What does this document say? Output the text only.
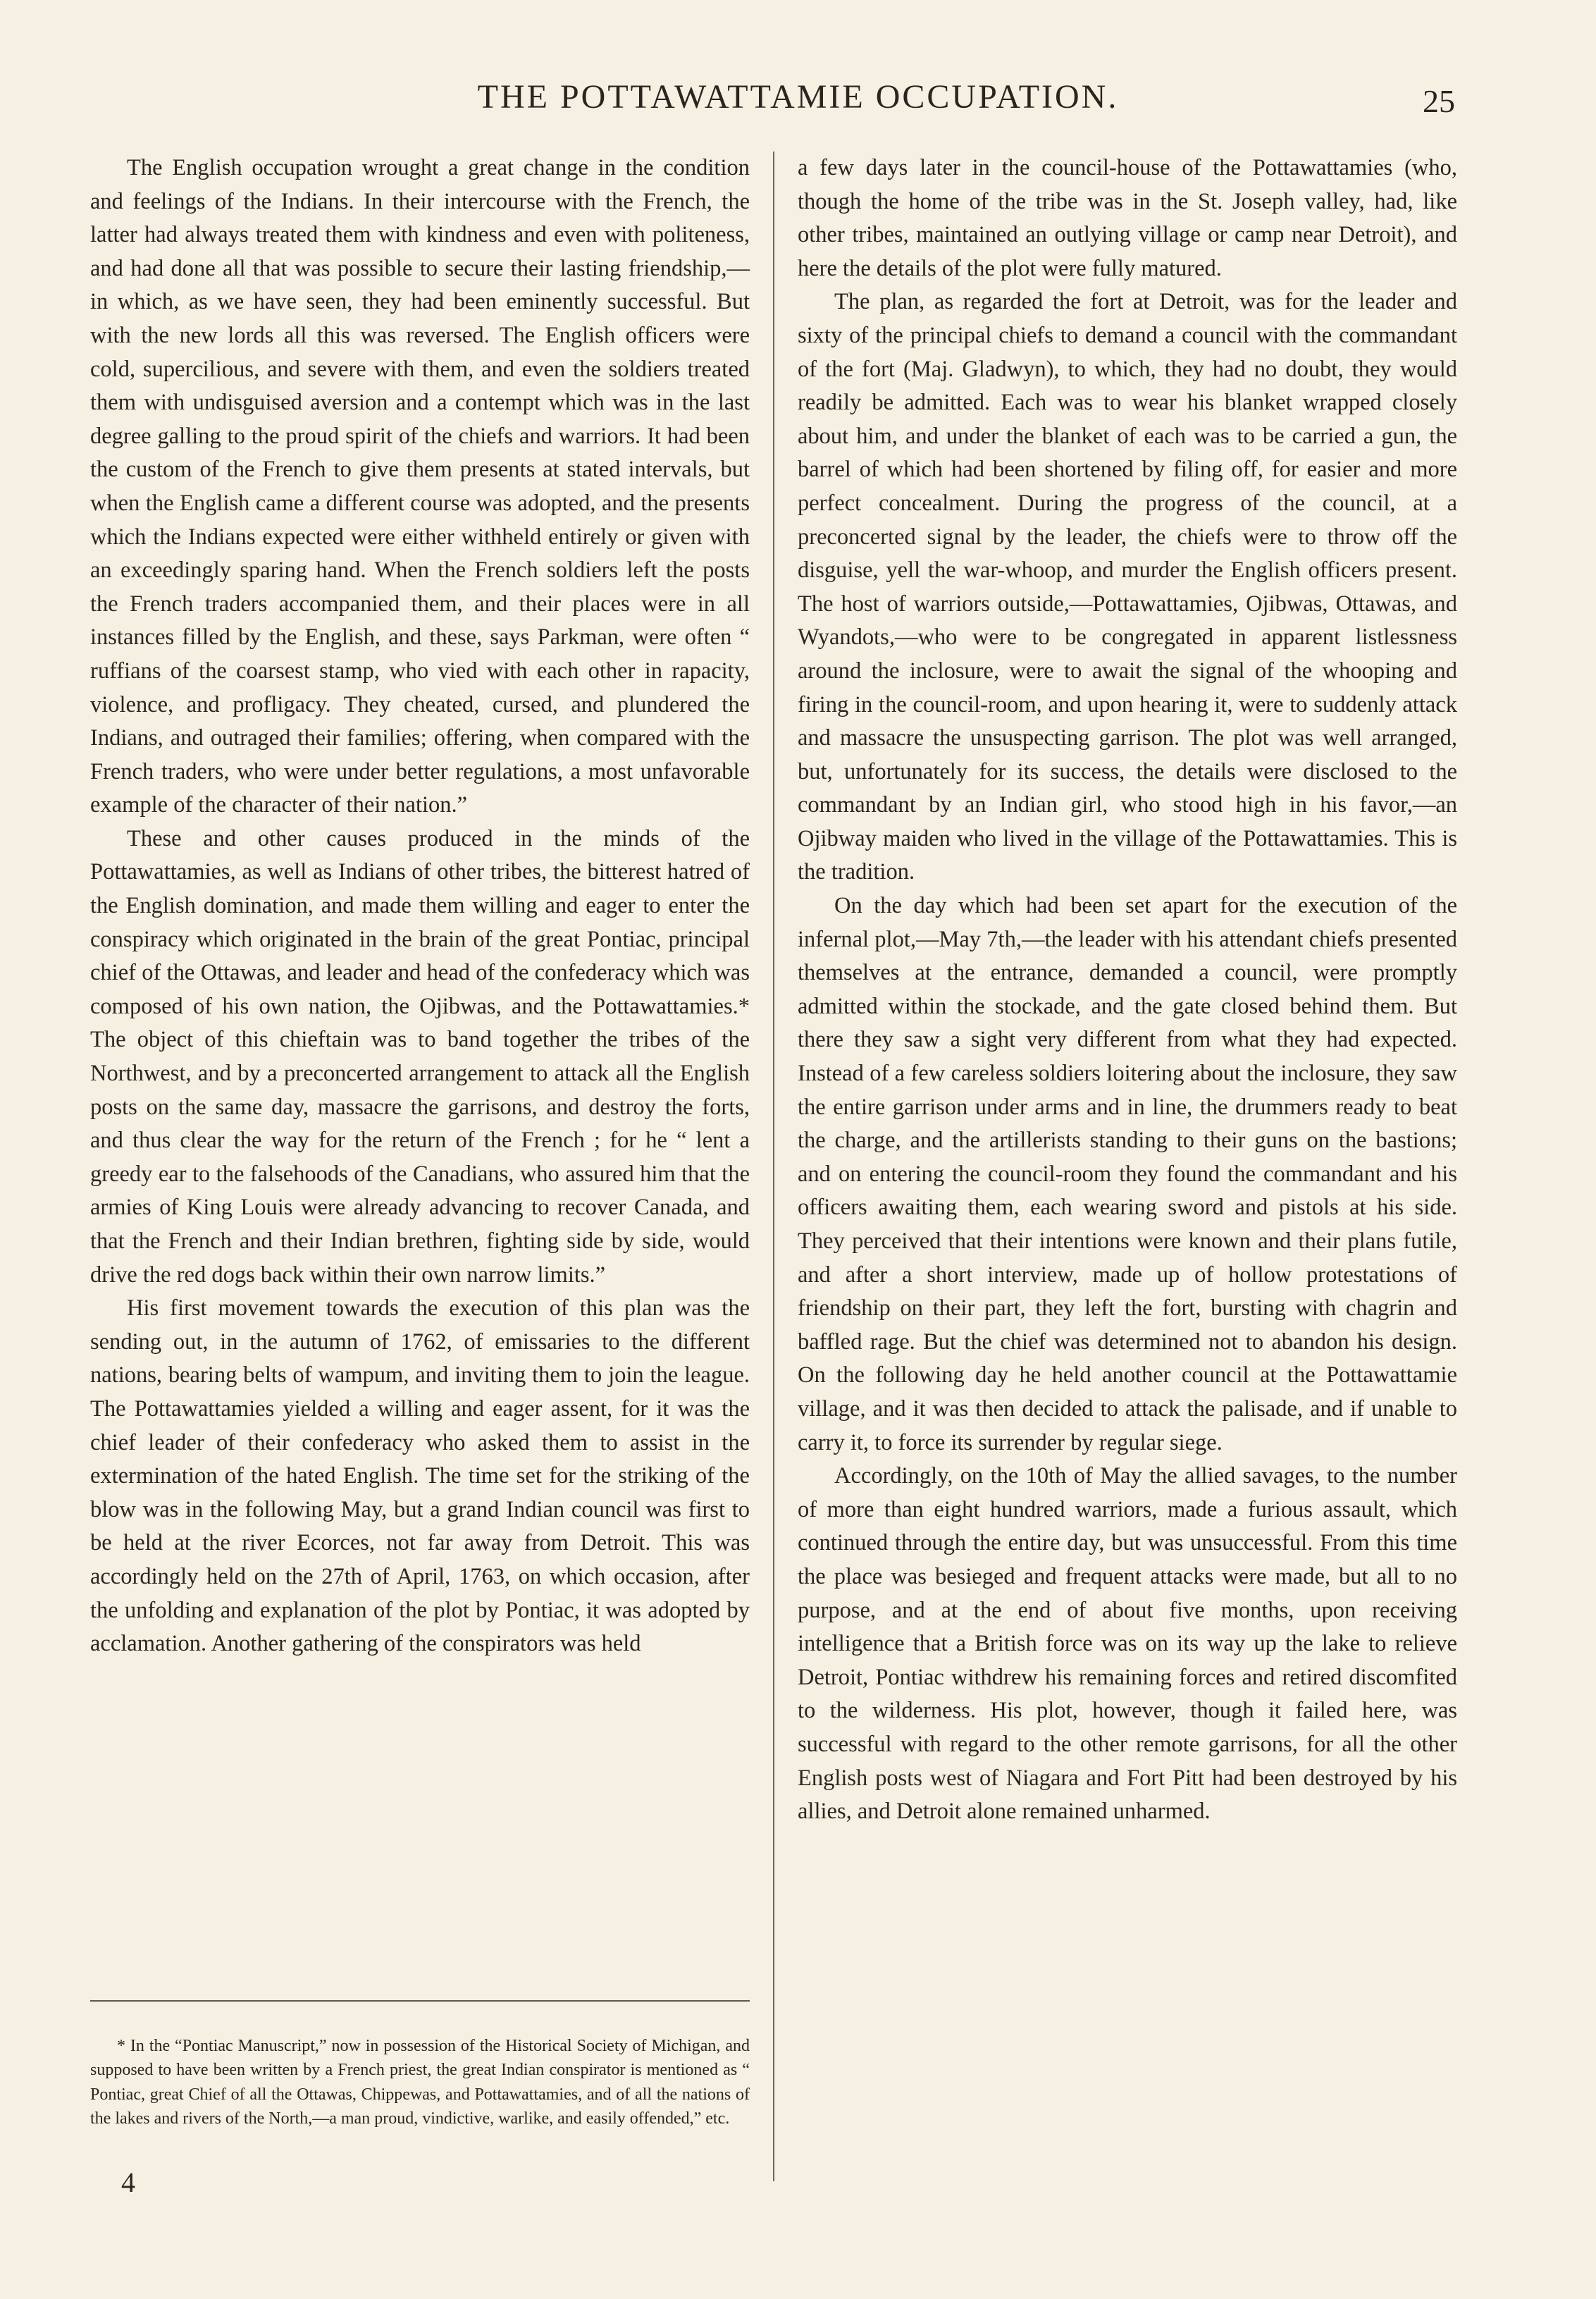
THE POTTAWATTAMIE OCCUPATION.	25

The English occupation wrought a great change in the condition and feelings of the Indians. In their intercourse with the French, the latter had always treated them with kindness and even with politeness, and had done all that was possible to secure their lasting friendship,—in which, as we have seen, they had been eminently successful. But with the new lords all this was reversed. The English officers were cold, supercilious, and severe with them, and even the soldiers treated them with undisguised aversion and a contempt which was in the last degree galling to the proud spirit of the chiefs and warriors. It had been the custom of the French to give them presents at stated intervals, but when the English came a different course was adopted, and the presents which the Indians expected were either withheld entirely or given with an exceedingly sparing hand. When the French soldiers left the posts the French traders accompanied them, and their places were in all instances filled by the English, and these, says Parkman, were often “ ruffians of the coarsest stamp, who vied with each other in rapacity, violence, and profligacy. They cheated, cursed, and plundered the Indians, and outraged their families; offering, when compared with the French traders, who were under better regulations, a most unfavorable example of the character of their nation.”

These and other causes produced in the minds of the Pottawattamies, as well as Indians of other tribes, the bitterest hatred of the English domination, and made them willing and eager to enter the conspiracy which originated in the brain of the great Pontiac, principal chief of the Ottawas, and leader and head of the confederacy which was composed of his own nation, the Ojibwas, and the Pottawattamies.* The object of this chieftain was to band together the tribes of the Northwest, and by a preconcerted arrangement to attack all the English posts on the same day, massacre the garrisons, and destroy the forts, and thus clear the way for the return of the French ; for he “ lent a greedy ear to the falsehoods of the Canadians, who assured him that the armies of King Louis were already advancing to recover Canada, and that the French and their Indian brethren, fighting side by side, would drive the red dogs back within their own narrow limits.”

His first movement towards the execution of this plan was the sending out, in the autumn of 1762, of emissaries to the different nations, bearing belts of wampum, and inviting them to join the league. The Pottawattamies yielded a willing and eager assent, for it was the chief leader of their confederacy who asked them to assist in the extermination of the hated English. The time set for the striking of the blow was in the following May, but a grand Indian council was first to be held at the river Ecorces, not far away from Detroit. This was accordingly held on the 27th of April, 1763, on which occasion, after the unfolding and explanation of the plot by Pontiac, it was adopted by acclamation. Another gathering of the conspirators was held

a few days later in the council-house of the Pottawattamies (who, though the home of the tribe was in the St. Joseph valley, had, like other tribes, maintained an outlying village or camp near Detroit), and here the details of the plot were fully matured.

The plan, as regarded the fort at Detroit, was for the leader and sixty of the principal chiefs to demand a council with the commandant of the fort (Maj. Gladwyn), to which, they had no doubt, they would readily be admitted. Each was to wear his blanket wrapped closely about him, and under the blanket of each was to be carried a gun, the barrel of which had been shortened by filing off, for easier and more perfect concealment. During the progress of the council, at a preconcerted signal by the leader, the chiefs were to throw off the disguise, yell the war-whoop, and murder the English officers present. The host of warriors outside,—Pottawattamies, Ojibwas, Ottawas, and Wyandots,—who were to be congregated in apparent listlessness around the inclosure, were to await the signal of the whooping and firing in the council-room, and upon hearing it, were to suddenly attack and massacre the unsuspecting garrison. The plot was well arranged, but, unfortunately for its success, the details were disclosed to the commandant by an Indian girl, who stood high in his favor,—an Ojibway maiden who lived in the village of the Pottawattamies. This is the tradition.

On the day which had been set apart for the execution of the infernal plot,—May 7th,—the leader with his attendant chiefs presented themselves at the entrance, demanded a council, were promptly admitted within the stockade, and the gate closed behind them. But there they saw a sight very different from what they had expected. Instead of a few careless soldiers loitering about the inclosure, they saw the entire garrison under arms and in line, the drummers ready to beat the charge, and the artillerists standing to their guns on the bastions; and on entering the council-room they found the commandant and his officers awaiting them, each wearing sword and pistols at his side. They perceived that their intentions were known and their plans futile, and after a short interview, made up of hollow protestations of friendship on their part, they left the fort, bursting with chagrin and baffled rage. But the chief was determined not to abandon his design. On the following day he held another council at the Pottawattamie village, and it was then decided to attack the palisade, and if unable to carry it, to force its surrender by regular siege.

Accordingly, on the 10th of May the allied savages, to the number of more than eight hundred warriors, made a furious assault, which continued through the entire day, but was unsuccessful. From this time the place was besieged and frequent attacks were made, but all to no purpose, and at the end of about five months, upon receiving intelligence that a British force was on its way up the lake to relieve Detroit, Pontiac withdrew his remaining forces and retired discomfited to the wilderness. His plot, however, though it failed here, was successful with regard to the other remote garrisons, for all the other English posts west of Niagara and Fort Pitt had been destroyed by his allies, and Detroit alone remained unharmed.

* In the “Pontiac Manuscript,” now in possession of the Historical Society of Michigan, and supposed to have been written by a French priest, the great Indian conspirator is mentioned as “ Pontiac, great Chief of all the Ottawas, Chippewas, and Pottawattamies, and of all the nations of the lakes and rivers of the North,—a man proud, vindictive, warlike, and easily offended,” etc.

4
